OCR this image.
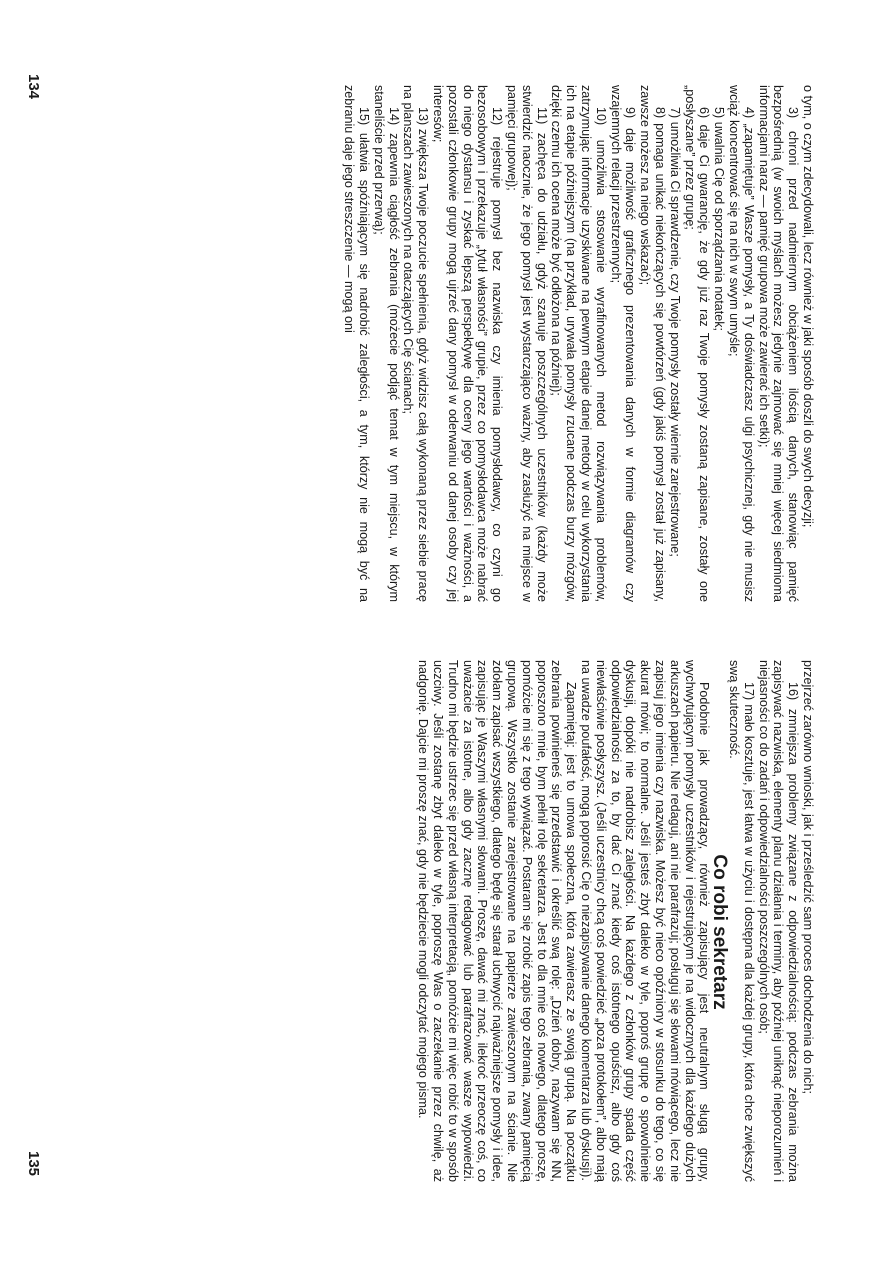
o tym, o czym zdecydowali, lecz również w jaki sposób doszli do swych decyzji;

3) chroni przed nadmiernym obciążeniem ilością danych, stanowiąc pamięć bezpośrednią (w swoich myślach możesz jedynie zajmować się mniej więcej siedmioma informacjami naraz — pamięć grupowa może zawierać ich setki);

4) „zapamiętuje” Wasze pomysły, a Ty doświadczasz ulgi psychicznej, gdy nie musisz wciąż koncentrować się na nich w swym umyśle;

5) uwalnia Cię od sporządzania notatek;

6) daje Ci gwarancję, że gdy już raz Twoje pomysły zostaną zapisane, zostały one „posłyszane” przez grupę;

7) umożliwia Ci sprawdzenie, czy Twoje pomysły zostały wiernie zarejestrowane;

8) pomaga unikać niekończących się powtórzeń (gdy jakiś pomysł został już zapisany, zawsze możesz na niego wskazać);

9) daje możliwość graficznego prezentowania danych w formie diagramów czy wzajemnych relacji przestrzennych;

10) umożliwia stosowanie wyrafinowanych metod rozwiązywania problemów, zatrzymując informacje uzyskiwane na pewnym etapie danej metody w celu wykorzystania ich na etapie późniejszym (na przykład, urywała pomysły rzucane podczas burzy mózgów, dzięki czemu ich ocena może być odłożona na później);

11) zachęca do udziału, gdyż szanuje poszczególnych uczestników (każdy może stwierdzić naocznie, że jego pomysł jest wystarczająco ważny, aby zasłużyć na miejsce w pamięci grupowej);

12) rejestruje pomysł bez nazwiska czy imienia pomysłodawcy, co czyni go bezosobowym i przekazuje „tytuł własności” grupie, przez co pomysłodawca może nabrać do niego dystansu i zyskać lepszą perspektywę dla oceny jego wartości i ważności, a pozostali członkowie grupy mogą ujrzeć dany pomysł w oderwaniu od danej osoby czy jej interesów;

13) zwiększa Twoje poczucie spełnienia, gdyż widzisz całą wykonaną przez siebie pracę na planszach zawieszonych na otaczających Cię ścianach;

14) zapewnia ciągłość zebrania (możecie podjąć temat w tym miejscu, w którym staneliście przed przerwą);

15) ułatwia spóźniającym się nadrobić zaległości, a tym, którzy nie mogą być na zebraniu daje jego streszczenie — mogą oni

134

przejrzeć zarówno wnioski, jak i prześledzić sam proces dochodzenia do nich;

16) zmniejsza problemy związane z odpowiedzialnością: podczas zebrania można zapisywać nazwiska, elementy planu działania i terminy, aby później uniknąć nieporozumień i niejasności co do zadań i odpowiedzialności poszczególnych osób;

17) mało kosztuje, jest łatwa w użyciu i dostępna dla każdej grupy, która chce zwiększyć swą skuteczność.

Co robi sekretarz

Podobnie jak prowadzący, również zapisujący jest neutralnym sługą grupy, wychwytującym pomysły uczestników i rejestrującym je na widocznych dla każdego dużych arkuszach papieru. Nie redaguj, ani nie parafrazuj; posługuj się słowami mówiącego, lecz nie zapisuj jego imienia czy nazwiska. Możesz być nieco opóźniony w stosunku do tego, co się akurat mówi; to normalne. Jeśli jesteś zbyt daleko w tyle, poproś grupę o spowolnienie dyskusji, dopóki nie nadrobisz zaległości. Na każdego z członków grupy spada część odpowiedzialności za to, by dać Ci znać kiedy coś istotnego opuścisz, albo gdy coś niewłaściwie posłyszysz. (Jeśli uczestnicy chcą coś powiedzieć „poza protokołem”, albo mają na uwadze poufałość, mogą poprosić Cię o niezapisywanie danego komentarza lub dyskusji).

Zapamiętaj: jest to umowa społeczna, która zawierasz ze swoją grupą. Na początku zebrania powinieneś się przedstawić i określić swą rolę: „Dzień dobry, nazywam się NN, poproszono mnie, bym pełnił rolę sekretarza. Jest to dla mnie coś nowego, dlatego proszę, pomóżcie mi się z tego wywiązać. Postaram się zrobić zapis tego zebrania, zwany pamięcią grupową. Wszystko zostanie zarejestrowane na papierze zawieszonym na ścianie. Nie zdołam zapisać wszystkiego, dlatego będę się starał uchwycić najważniejsze pomysły i idee, zapisując je Waszymi własnymi słowami. Proszę, dawać mi znać, ilekroć przeoczę coś, co uważacie za istotne, albo gdy zacznę redagować lub parafrazować wasze wypowiedzi. Trudno mi będzie ustrzec się przed własną interpretacją, pomóżcie mi więc robić to w sposób uczciwy. Jeśli zostanę zbyt daleko w tyle, poproszę Was o zaczekanie przez chwilę, aż nadgonię. Dajcie mi proszę znać, gdy nie będziecie mogli odczytać mojego pisma.

135
